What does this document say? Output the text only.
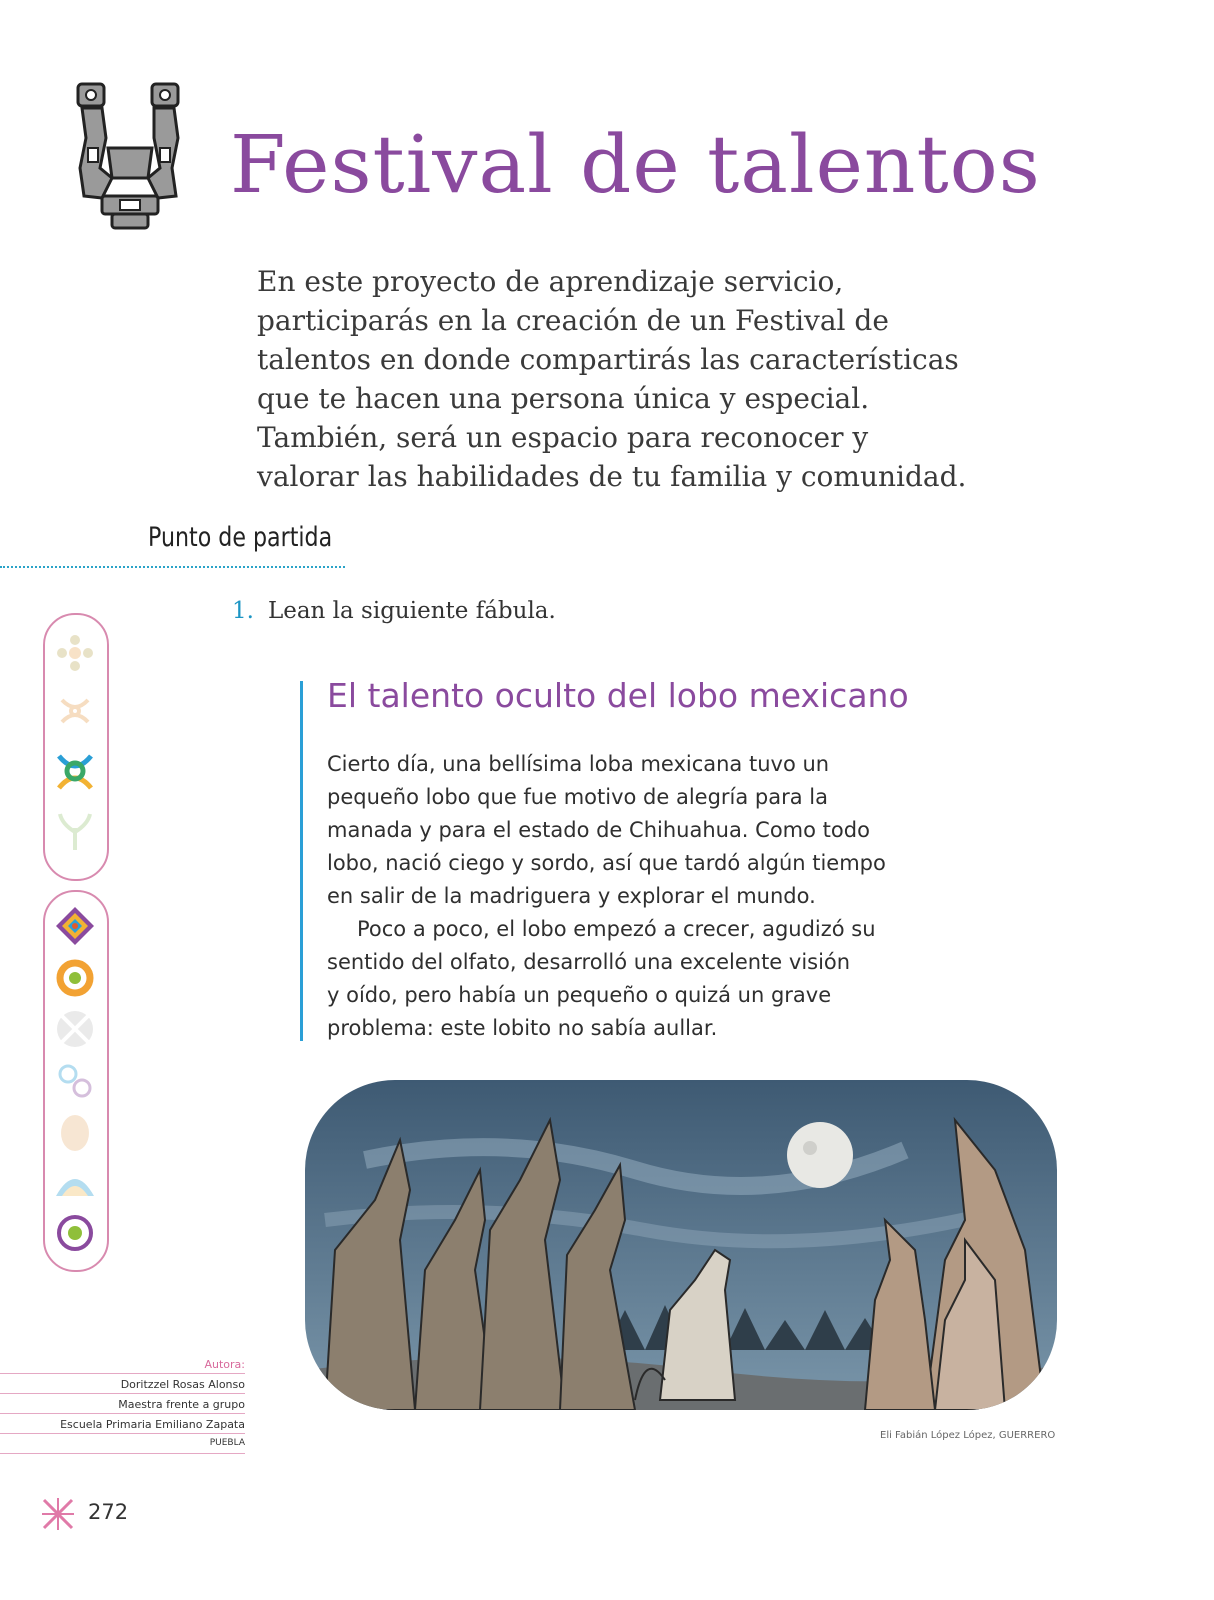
Festival de talentos
En este proyecto de aprendizaje servicio,
participarás en la creación de un Festival de
talentos en donde compartirás las características
que te hacen una persona única y especial.
También, será un espacio para reconocer y
valorar las habilidades de tu familia y comunidad.
Punto de partida
1. Lean la siguiente fábula.
El talento oculto del lobo mexicano
Cierto día, una bellísima loba mexicana tuvo un
pequeño lobo que fue motivo de alegría para la
manada y para el estado de Chihuahua. Como todo
lobo, nació ciego y sordo, así que tardó algún tiempo
en salir de la madriguera y explorar el mundo.
Poco a poco, el lobo empezó a crecer, agudizó su
sentido del olfato, desarrolló una excelente visión
y oído, pero había un pequeño o quizá un grave
problema: este lobito no sabía aullar.
Eli Fabián López López, GUERRERO
Autora:
Doritzzel Rosas Alonso
Maestra frente a grupo
Escuela Primaria Emiliano Zapata
PUEBLA
272
